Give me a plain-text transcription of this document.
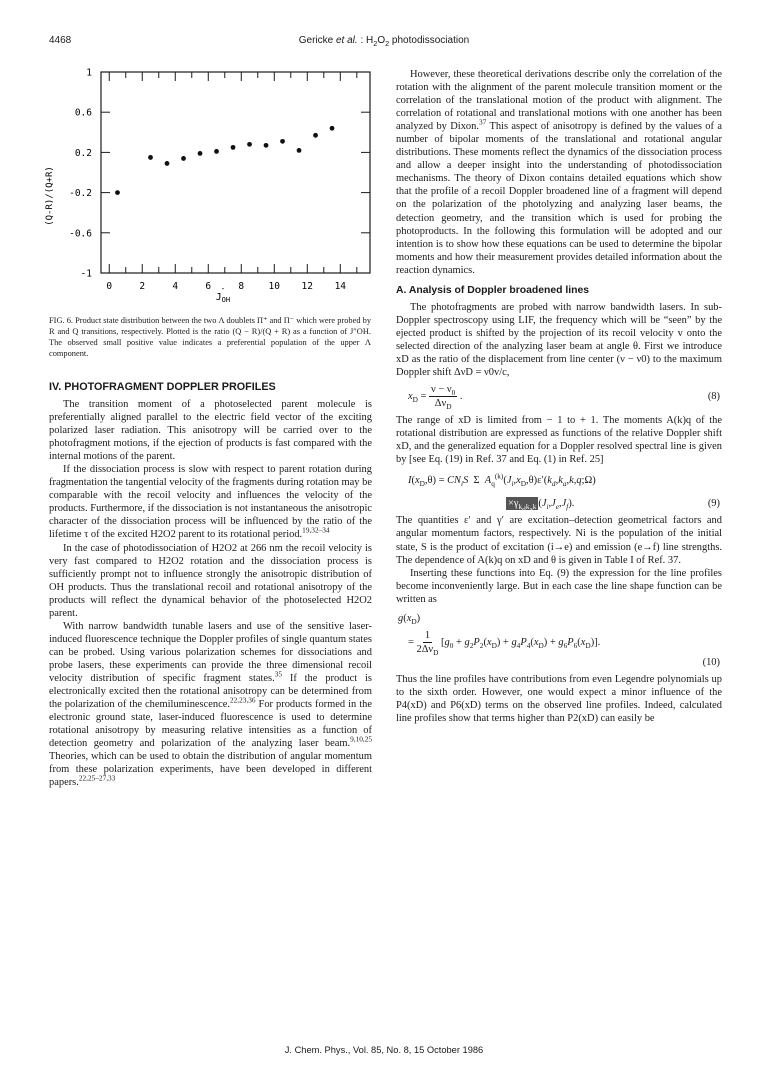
4468	Gericke et al. : $H_2O_2$ photodissociation
1
0.6
0.2
-0.2
-0.6
-1
0	2	4	6	8	10 12 14
(Q-R)/(Q+R)
$J_{OH}''$
FIG. 6. Product state distribution between the two Λ doublets Π⁺ and Π⁻ which were probed by R and Q transitions, respectively. Plotted is the ratio (Q − R)/(Q + R) as a function of J″OH. The observed small positive value indicates a preferential population of the upper Λ component.
IV. PHOTOFRAGMENT DOPPLER PROFILES

The transition moment of a photoselected parent molecule is preferentially aligned parallel to the electric field vector of the exciting polarized laser radiation. This anisotropy will be carried over to the photofragment motions, if the ejection of products is fast compared with the internal motions of the parent.

If the dissociation process is slow with respect to parent rotation during fragmentation the tangential velocity of the fragments during rotation may be comparable with the recoil velocity and influences the velocity of the products. Furthermore, if the dissociation is not instantaneous the anisotropic character of the dissociation process will be influenced by the ratio of the lifetime τ of the excited H2O2 parent to its rotational period.$^{19,32-34}$

In the case of photodissociation of H2O2 at 266 nm the recoil velocity is very fast compared to H2O2 rotation and the dissociation process is sufficiently prompt not to influence strongly the anisotropic distribution of OH products. Thus the translational recoil and rotational anisotropy of the products will reflect the dynamical behavior of the photoselected H2O2 parent.

With narrow bandwidth tunable lasers and use of the sensitive laser-induced fluorescence technique the Doppler profiles of single quantum states can be probed. Using various polarization schemes for dissociations and probe lasers, these experiments can provide the three dimensional recoil velocity distribution of specific fragment states.$^{35}$ If the product is electronically excited then the rotational anisotropy can be determined from the polarization of the chemiluminescence.$^{22,23,36}$ For products formed in the electronic ground state, laser-induced fluorescence is used to determine rotational anisotropy by measuring relative intensities as a function of detection geometry and polarization of the analyzing laser beam.$^{9,10,25}$ Theories, which can be used to obtain the distribution of angular momentum from these polarization experiments, have been developed in different papers.$^{22,25-27,33}$

However, these theoretical derivations describe only the correlation of the rotation with the alignment of the parent molecule transition moment or the correlation of the translational motion of the product with alignment. The correlation of rotational and translational motions with one another has been analyzed by Dixon.$^{37}$ This aspect of anisotropy is defined by the values of a number of bipolar moments of the translational and rotational angular distributions. These moments reflect the dynamics of the dissociation process and allow a deeper insight into the understanding of photodissociation mechanisms. The theory of Dixon contains detailed equations which show that the profile of a recoil Doppler broadened line of a fragment will depend on the polarization of the photolyzing and analyzing laser beams, the detection geometry, and the transition which is used for probing the photoproducts. In the following this formulation will be adopted and our intention is to show how these equations can be used to determine the bipolar moments and how their measurement provides detailed information about the reaction dynamics.

A. Analysis of Doppler broadened lines

The photofragments are probed with narrow bandwidth lasers. In sub-Doppler spectroscopy using LIF, the frequency which will be “seen” by the ejected product is shifted by the projection of its recoil velocity v onto the selected direction of the analyzing laser beam at angle θ. First we introduce xD as the ratio of the displacement from line center (ν − ν0) to the maximum Doppler shift ΔνD = ν0v/c,

$x_D = \frac{\nu - \nu_0}{\Delta\nu_D}$ .	(8)

The range of xD is limited from − 1 to + 1. The moments A(k)q of the rotational distribution are expressed as functions of the relative Doppler shift xD, and the generalized equation for a Doppler resolved spectral line is given by [see Eq. (19) in Ref. 37 and Eq. (1) in Ref. 25]

$I(x_D,\theta) = CN_iS$  Σ  $A_q^{(k)}(J_i,x_D,\theta)\varepsilon'(k_d,k_a,k,q;\Omega)$
$\times\gamma_{k_dk_ak}$ $(J_i,J_e,J_f)$.	(9)

The quantities ε′ and γ′ are excitation–detection geometrical factors and angular momentum factors, respectively. Ni is the population of the initial state, S is the product of excitation (i→e) and emission (e→f) line strengths. The dependence of A(k)q on xD and θ is given in Table I of Ref. 37.

Inserting these functions into Eq. (9) the expression for the line profiles become inconveniently large. But in each case the line shape function can be written as

$g(x_D)$
= $\frac{1}{2\Delta\nu_D} [g_0 + g_2P_2(x_D) + g_4P_4(x_D) + g_6P_6(x_D)]$.
(10)

Thus the line profiles have contributions from even Legendre polynomials up to the sixth order. However, one would expect a minor influence of the P4(xD) and P6(xD) terms on the observed line profiles. Indeed, calculated line profiles show that terms higher than P2(xD) can easily be

J. Chem. Phys., Vol. 85, No. 8, 15 October 1986
